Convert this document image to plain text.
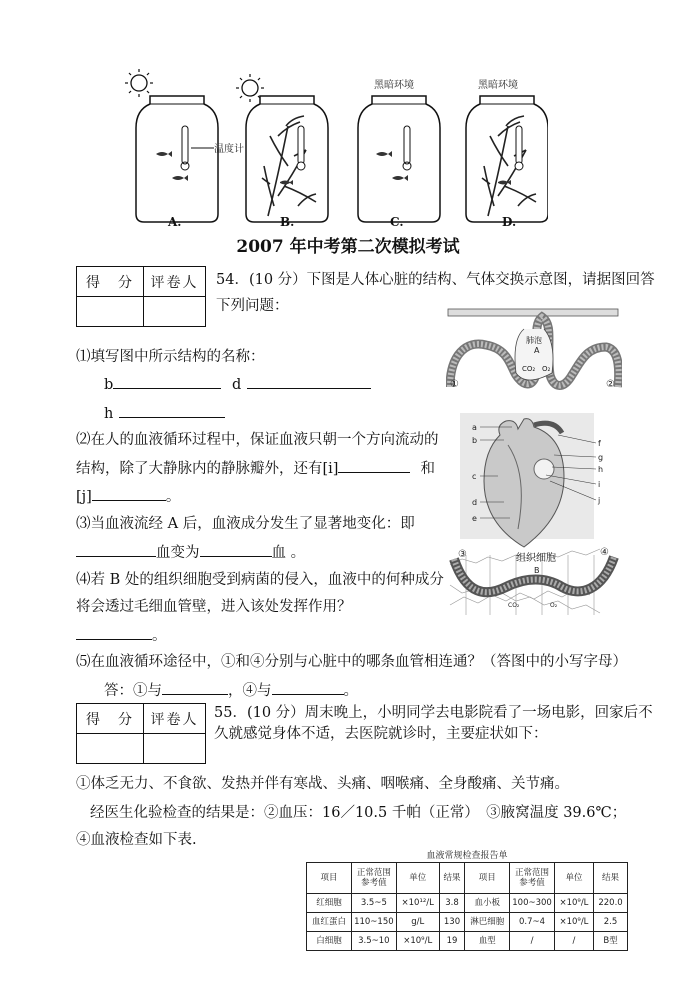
温度计
黑暗环境	黑暗环境
A.	B.	C.	D.
2007 年中考第二次模拟考试
得　分	评卷人
	54．(10 分）下图是人体心脏的结构、气体交换示意图，请据图回答
下列问题：
⑴填写图中所示结构的名称：
b	d
h
⑵在人的血液循环过程中，保证血液只朝一个方向流动的
结构，除了大静脉内的静脉瓣外，还有[i]	和
[j]	。
⑶当血液流经 A 后，血液成分发生了显著地变化：即
血变为	血 。
⑷若 B 处的组织细胞受到病菌的侵入，血液中的何种成分
将会透过毛细血管壁，进入该处发挥作用？
。
⑸在血液循环途径中，①和④分别与心脏中的哪条血管相连通？（答图中的小写字母）
答：①与	，④与	。
肺泡
A
CO₂ O₂
①	②
a
b
c
d
e
f
g
h
i
j
③	④
组织细胞
B
CO₂	O₂
得　分	评卷人
	55．(10 分）周末晚上，小明同学去电影院看了一场电影，回家后不
久就感觉身体不适，去医院就诊时，主要症状如下：
①体乏无力、不食欲、发热并伴有寒战、头痛、咽喉痛、全身酸痛、关节痛。
经医生化验检查的结果是：②血压：16／10.5 千帕（正常）　③腋窝温度 39.6℃；
④血液检查如下表.
血液常规检查报告单
项目	正常范围参考值	单位	结果	项目	正常范围参考值	单位	结果
红细胞	3.5~5	×10¹²/L	3.8	血小板	100~300	×10⁹/L	220.0
血红蛋白	110~150	g/L	130	淋巴细胞	0.7~4	×10⁹/L	2.5
白细胞	3.5~10	×10⁹/L	19	血型	/	/	B型
